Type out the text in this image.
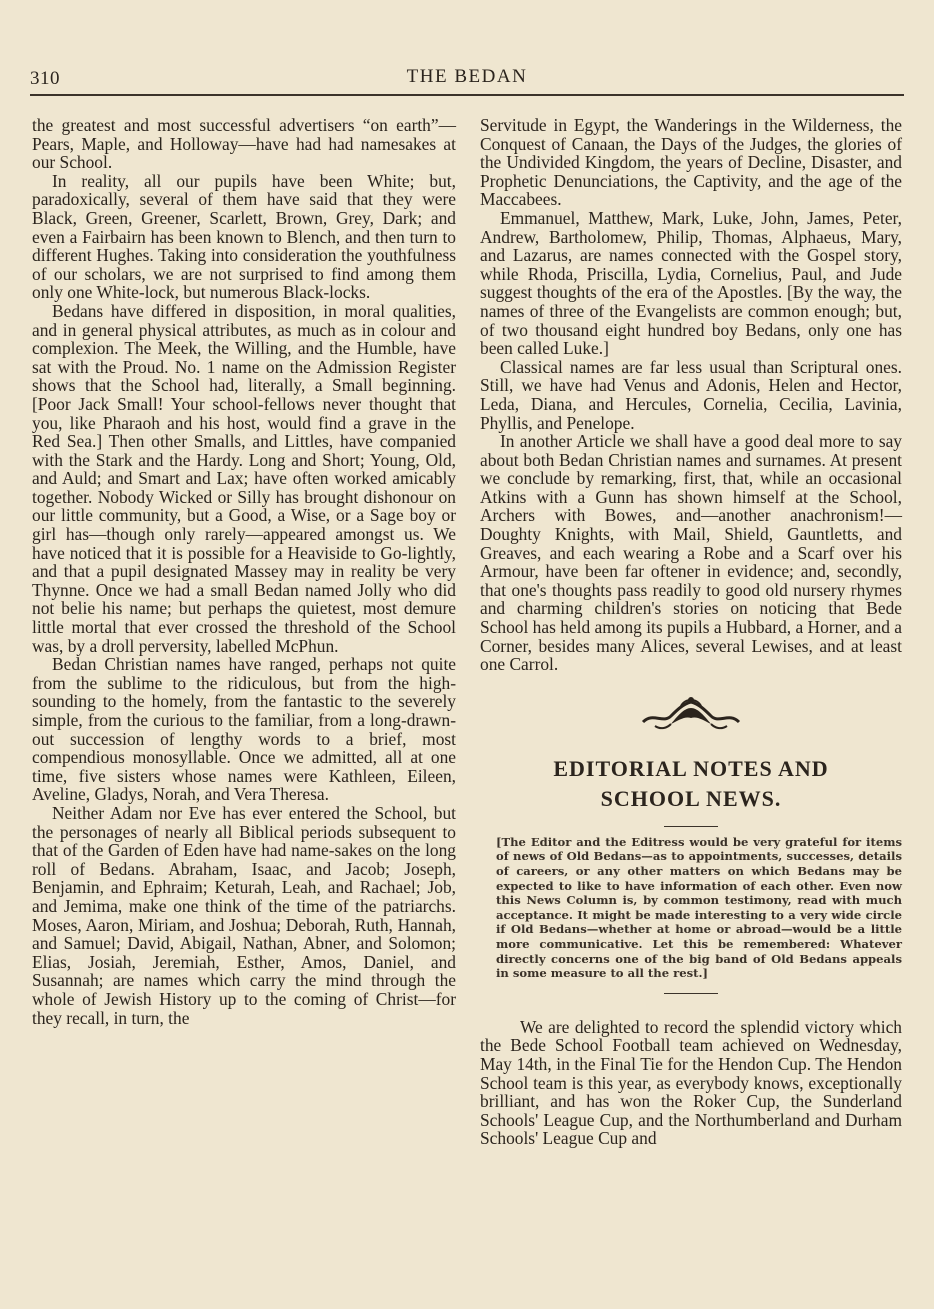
310	THE BEDAN

the greatest and most successful advertisers “on earth”—Pears, Maple, and Holloway—have had had namesakes at our School.

In reality, all our pupils have been White; but, paradoxically, several of them have said that they were Black, Green, Greener, Scarlett, Brown, Grey, Dark; and even a Fairbairn has been known to Blench, and then turn to different Hughes. Taking into consideration the youthfulness of our scholars, we are not surprised to find among them only one White-lock, but numerous Black-locks.

Bedans have differed in disposition, in moral qualities, and in general physical attributes, as much as in colour and complexion. The Meek, the Willing, and the Humble, have sat with the Proud. No. 1 name on the Admission Register shows that the School had, literally, a Small beginning. [Poor Jack Small! Your school-fellows never thought that you, like Pharaoh and his host, would find a grave in the Red Sea.] Then other Smalls, and Littles, have companied with the Stark and the Hardy. Long and Short; Young, Old, and Auld; and Smart and Lax; have often worked amicably together. Nobody Wicked or Silly has brought dishonour on our little community, but a Good, a Wise, or a Sage boy or girl has—though only rarely—appeared amongst us. We have noticed that it is possible for a Heaviside to Go-lightly, and that a pupil designated Massey may in reality be very Thynne. Once we had a small Bedan named Jolly who did not belie his name; but perhaps the quietest, most demure little mortal that ever crossed the threshold of the School was, by a droll perversity, labelled McPhun.

Bedan Christian names have ranged, perhaps not quite from the sublime to the ridiculous, but from the high-sounding to the homely, from the fantastic to the severely simple, from the curious to the familiar, from a long-drawn-out succession of lengthy words to a brief, most compendious monosyllable. Once we admitted, all at one time, five sisters whose names were Kathleen, Eileen, Aveline, Gladys, Norah, and Vera Theresa.

Neither Adam nor Eve has ever entered the School, but the personages of nearly all Biblical periods subsequent to that of the Garden of Eden have had name-sakes on the long roll of Bedans. Abraham, Isaac, and Jacob; Joseph, Benjamin, and Ephraim; Keturah, Leah, and Rachael; Job, and Jemima, make one think of the time of the patriarchs. Moses, Aaron, Miriam, and Joshua; Deborah, Ruth, Hannah, and Samuel; David, Abigail, Nathan, Abner, and Solomon; Elias, Josiah, Jeremiah, Esther, Amos, Daniel, and Susannah; are names which carry the mind through the whole of Jewish History up to the coming of Christ—for they recall, in turn, the

Servitude in Egypt, the Wanderings in the Wilderness, the Conquest of Canaan, the Days of the Judges, the glories of the Undivided Kingdom, the years of Decline, Disaster, and Prophetic Denunciations, the Captivity, and the age of the Maccabees.

Emmanuel, Matthew, Mark, Luke, John, James, Peter, Andrew, Bartholomew, Philip, Thomas, Alphaeus, Mary, and Lazarus, are names connected with the Gospel story, while Rhoda, Priscilla, Lydia, Cornelius, Paul, and Jude suggest thoughts of the era of the Apostles. [By the way, the names of three of the Evangelists are common enough; but, of two thousand eight hundred boy Bedans, only one has been called Luke.]

Classical names are far less usual than Scriptural ones. Still, we have had Venus and Adonis, Helen and Hector, Leda, Diana, and Hercules, Cornelia, Cecilia, Lavinia, Phyllis, and Penelope.

In another Article we shall have a good deal more to say about both Bedan Christian names and surnames. At present we conclude by remarking, first, that, while an occasional Atkins with a Gunn has shown himself at the School, Archers with Bowes, and—another anachronism!—Doughty Knights, with Mail, Shield, Gauntletts, and Greaves, and each wearing a Robe and a Scarf over his Armour, have been far oftener in evidence; and, secondly, that one's thoughts pass readily to good old nursery rhymes and charming children's stories on noticing that Bede School has held among its pupils a Hubbard, a Horner, and a Corner, besides many Alices, several Lewises, and at least one Carrol.

EDITORIAL NOTES AND
SCHOOL NEWS.

[The Editor and the Editress would be very grateful for items of news of Old Bedans—as to appointments, successes, details of careers, or any other matters on which Bedans may be expected to like to have information of each other. Even now this News Column is, by common testimony, read with much acceptance. It might be made interesting to a very wide circle if Old Bedans—whether at home or abroad—would be a little more communicative. Let this be remembered: Whatever directly concerns one of the big band of Old Bedans appeals in some measure to all the rest.]

We are delighted to record the splendid victory which the Bede School Football team achieved on Wednesday, May 14th, in the Final Tie for the Hendon Cup. The Hendon School team is this year, as everybody knows, exceptionally brilliant, and has won the Roker Cup, the Sunderland Schools' League Cup, and the Northumberland and Durham Schools' League Cup and
